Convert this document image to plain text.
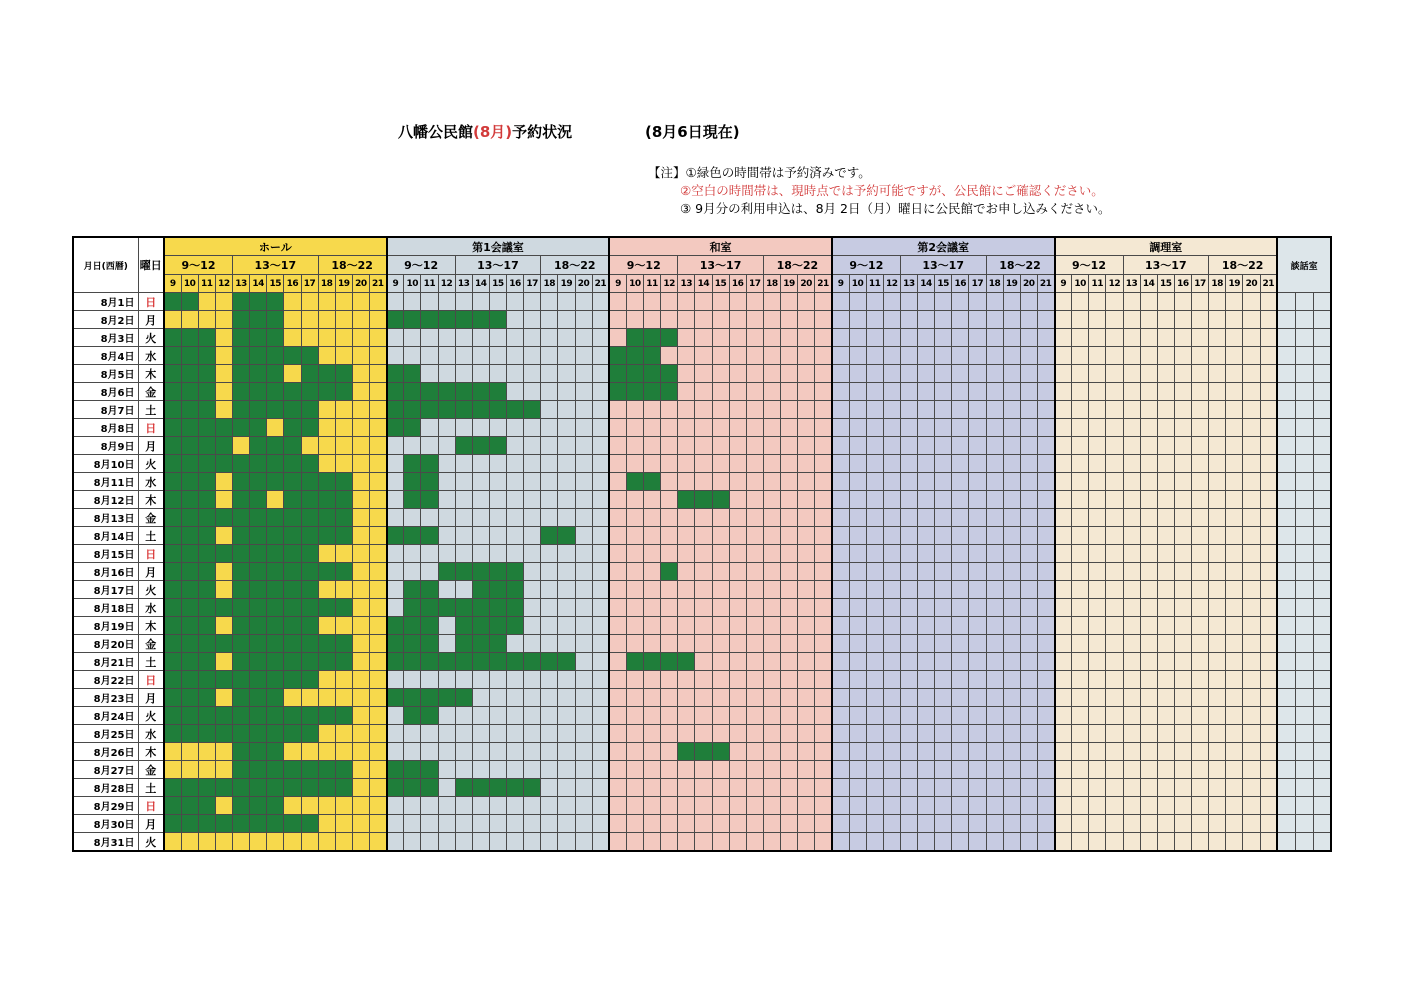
八幡公民館(8月)予約状況	(8月6日現在)
【注】①緑色の時間帯は予約済みです。
②空白の時間帯は、現時点では予約可能ですが、公民館にご確認ください。
③ 9月分の利用申込は、8月 2日（月）曜日に公民館でお申し込みください。
月日(西暦)	曜日	ホール	第1会議室	和室	第2会議室	調理室	談話室
9～12	13～17	18～22	9～12	13～17	18～22	9～12	13～17	18～22	9～12	13～17	18～22	9～12	13～17	18～22
9	10	11	12	13	14	15	16	17	18	19	20	21	9	10	11	12	13	14	15	16	17	18	19	20	21	9	10	11	12	13	14	15	16	17	18	19	20	21	9	10	11	12	13	14	15	16	17	18	19	20	21	9	10	11	12	13	14	15	16	17	18	19	20	21
8月1日	日																																																																				
8月2日	月																																																																				
8月3日	火																																																																				
8月4日	水																																																																				
8月5日	木																																																																				
8月6日	金																																																																				
8月7日	土																																																																				
8月8日	日																																																																				
8月9日	月																																																																				
8月10日	火																																																																				
8月11日	水																																																																				
8月12日	木																																																																				
8月13日	金																																																																				
8月14日	土																																																																				
8月15日	日																																																																				
8月16日	月																																																																				
8月17日	火																																																																				
8月18日	水																																																																				
8月19日	木																																																																				
8月20日	金																																																																				
8月21日	土																																																																				
8月22日	日																																																																				
8月23日	月																																																																				
8月24日	火																																																																				
8月25日	水																																																																				
8月26日	木																																																																				
8月27日	金																																																																				
8月28日	土																																																																				
8月29日	日																																																																				
8月30日	月																																																																				
8月31日	火																																																																				
